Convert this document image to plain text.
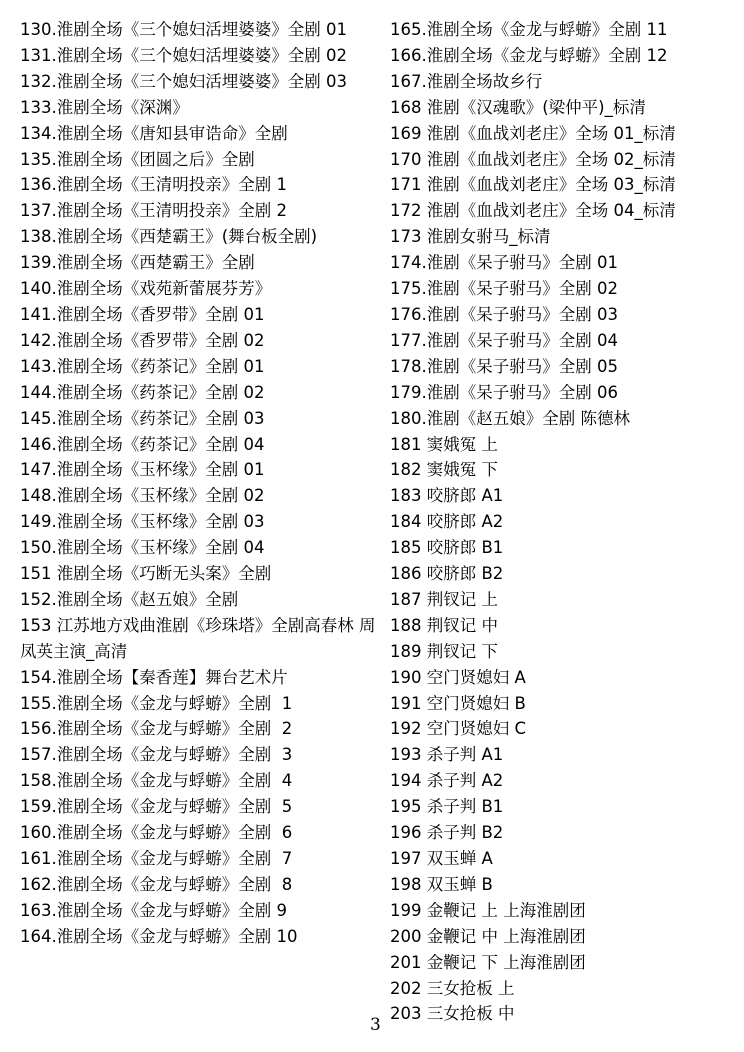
130.淮剧全场《三个媳妇活埋婆婆》全剧 01
131.淮剧全场《三个媳妇活埋婆婆》全剧 02
132.淮剧全场《三个媳妇活埋婆婆》全剧 03
133.淮剧全场《深渊》
134.淮剧全场《唐知县审诰命》全剧
135.淮剧全场《团圆之后》全剧
136.淮剧全场《王清明投亲》全剧 1
137.淮剧全场《王清明投亲》全剧 2
138.淮剧全场《西楚霸王》(舞台板全剧)
139.淮剧全场《西楚霸王》全剧
140.淮剧全场《戏苑新蕾展芬芳》
141.淮剧全场《香罗带》全剧 01
142.淮剧全场《香罗带》全剧 02
143.淮剧全场《药茶记》全剧 01
144.淮剧全场《药茶记》全剧 02
145.淮剧全场《药茶记》全剧 03
146.淮剧全场《药茶记》全剧 04
147.淮剧全场《玉杯缘》全剧 01
148.淮剧全场《玉杯缘》全剧 02
149.淮剧全场《玉杯缘》全剧 03
150.淮剧全场《玉杯缘》全剧 04
151 淮剧全场《巧断无头案》全剧
152.淮剧全场《赵五娘》全剧
153 江苏地方戏曲淮剧《珍珠塔》全剧高春林 周凤英主演_高清
154.淮剧全场【秦香莲】舞台艺术片
155.淮剧全场《金龙与蜉蝣》全剧  1
156.淮剧全场《金龙与蜉蝣》全剧  2
157.淮剧全场《金龙与蜉蝣》全剧  3
158.淮剧全场《金龙与蜉蝣》全剧  4
159.淮剧全场《金龙与蜉蝣》全剧  5
160.淮剧全场《金龙与蜉蝣》全剧  6
161.淮剧全场《金龙与蜉蝣》全剧  7
162.淮剧全场《金龙与蜉蝣》全剧  8
163.淮剧全场《金龙与蜉蝣》全剧 9
164.淮剧全场《金龙与蜉蝣》全剧 10
165.淮剧全场《金龙与蜉蝣》全剧 11
166.淮剧全场《金龙与蜉蝣》全剧 12
167.淮剧全场故乡行
168 淮剧《汉魂歌》(梁仲平)_标清
169 淮剧《血战刘老庄》全场 01_标清
170 淮剧《血战刘老庄》全场 02_标清
171 淮剧《血战刘老庄》全场 03_标清
172 淮剧《血战刘老庄》全场 04_标清
173 淮剧女驸马_标清
174.淮剧《呆子驸马》全剧 01
175.淮剧《呆子驸马》全剧 02
176.淮剧《呆子驸马》全剧 03
177.淮剧《呆子驸马》全剧 04
178.淮剧《呆子驸马》全剧 05
179.淮剧《呆子驸马》全剧 06
180.淮剧《赵五娘》全剧 陈德林
181 窦娥冤 上
182 窦娥冤 下
183 咬脐郎 A1
184 咬脐郎 A2
185 咬脐郎 B1
186 咬脐郎 B2
187 荆钗记 上
188 荆钗记 中
189 荆钗记 下
190 空门贤媳妇 A
191 空门贤媳妇 B
192 空门贤媳妇 C
193 杀子判 A1
194 杀子判 A2
195 杀子判 B1
196 杀子判 B2
197 双玉蝉 A
198 双玉蝉 B
199 金鞭记 上 上海淮剧团
200 金鞭记 中 上海淮剧团
201 金鞭记 下 上海淮剧团
202 三女抢板 上
203 三女抢板 中
3
